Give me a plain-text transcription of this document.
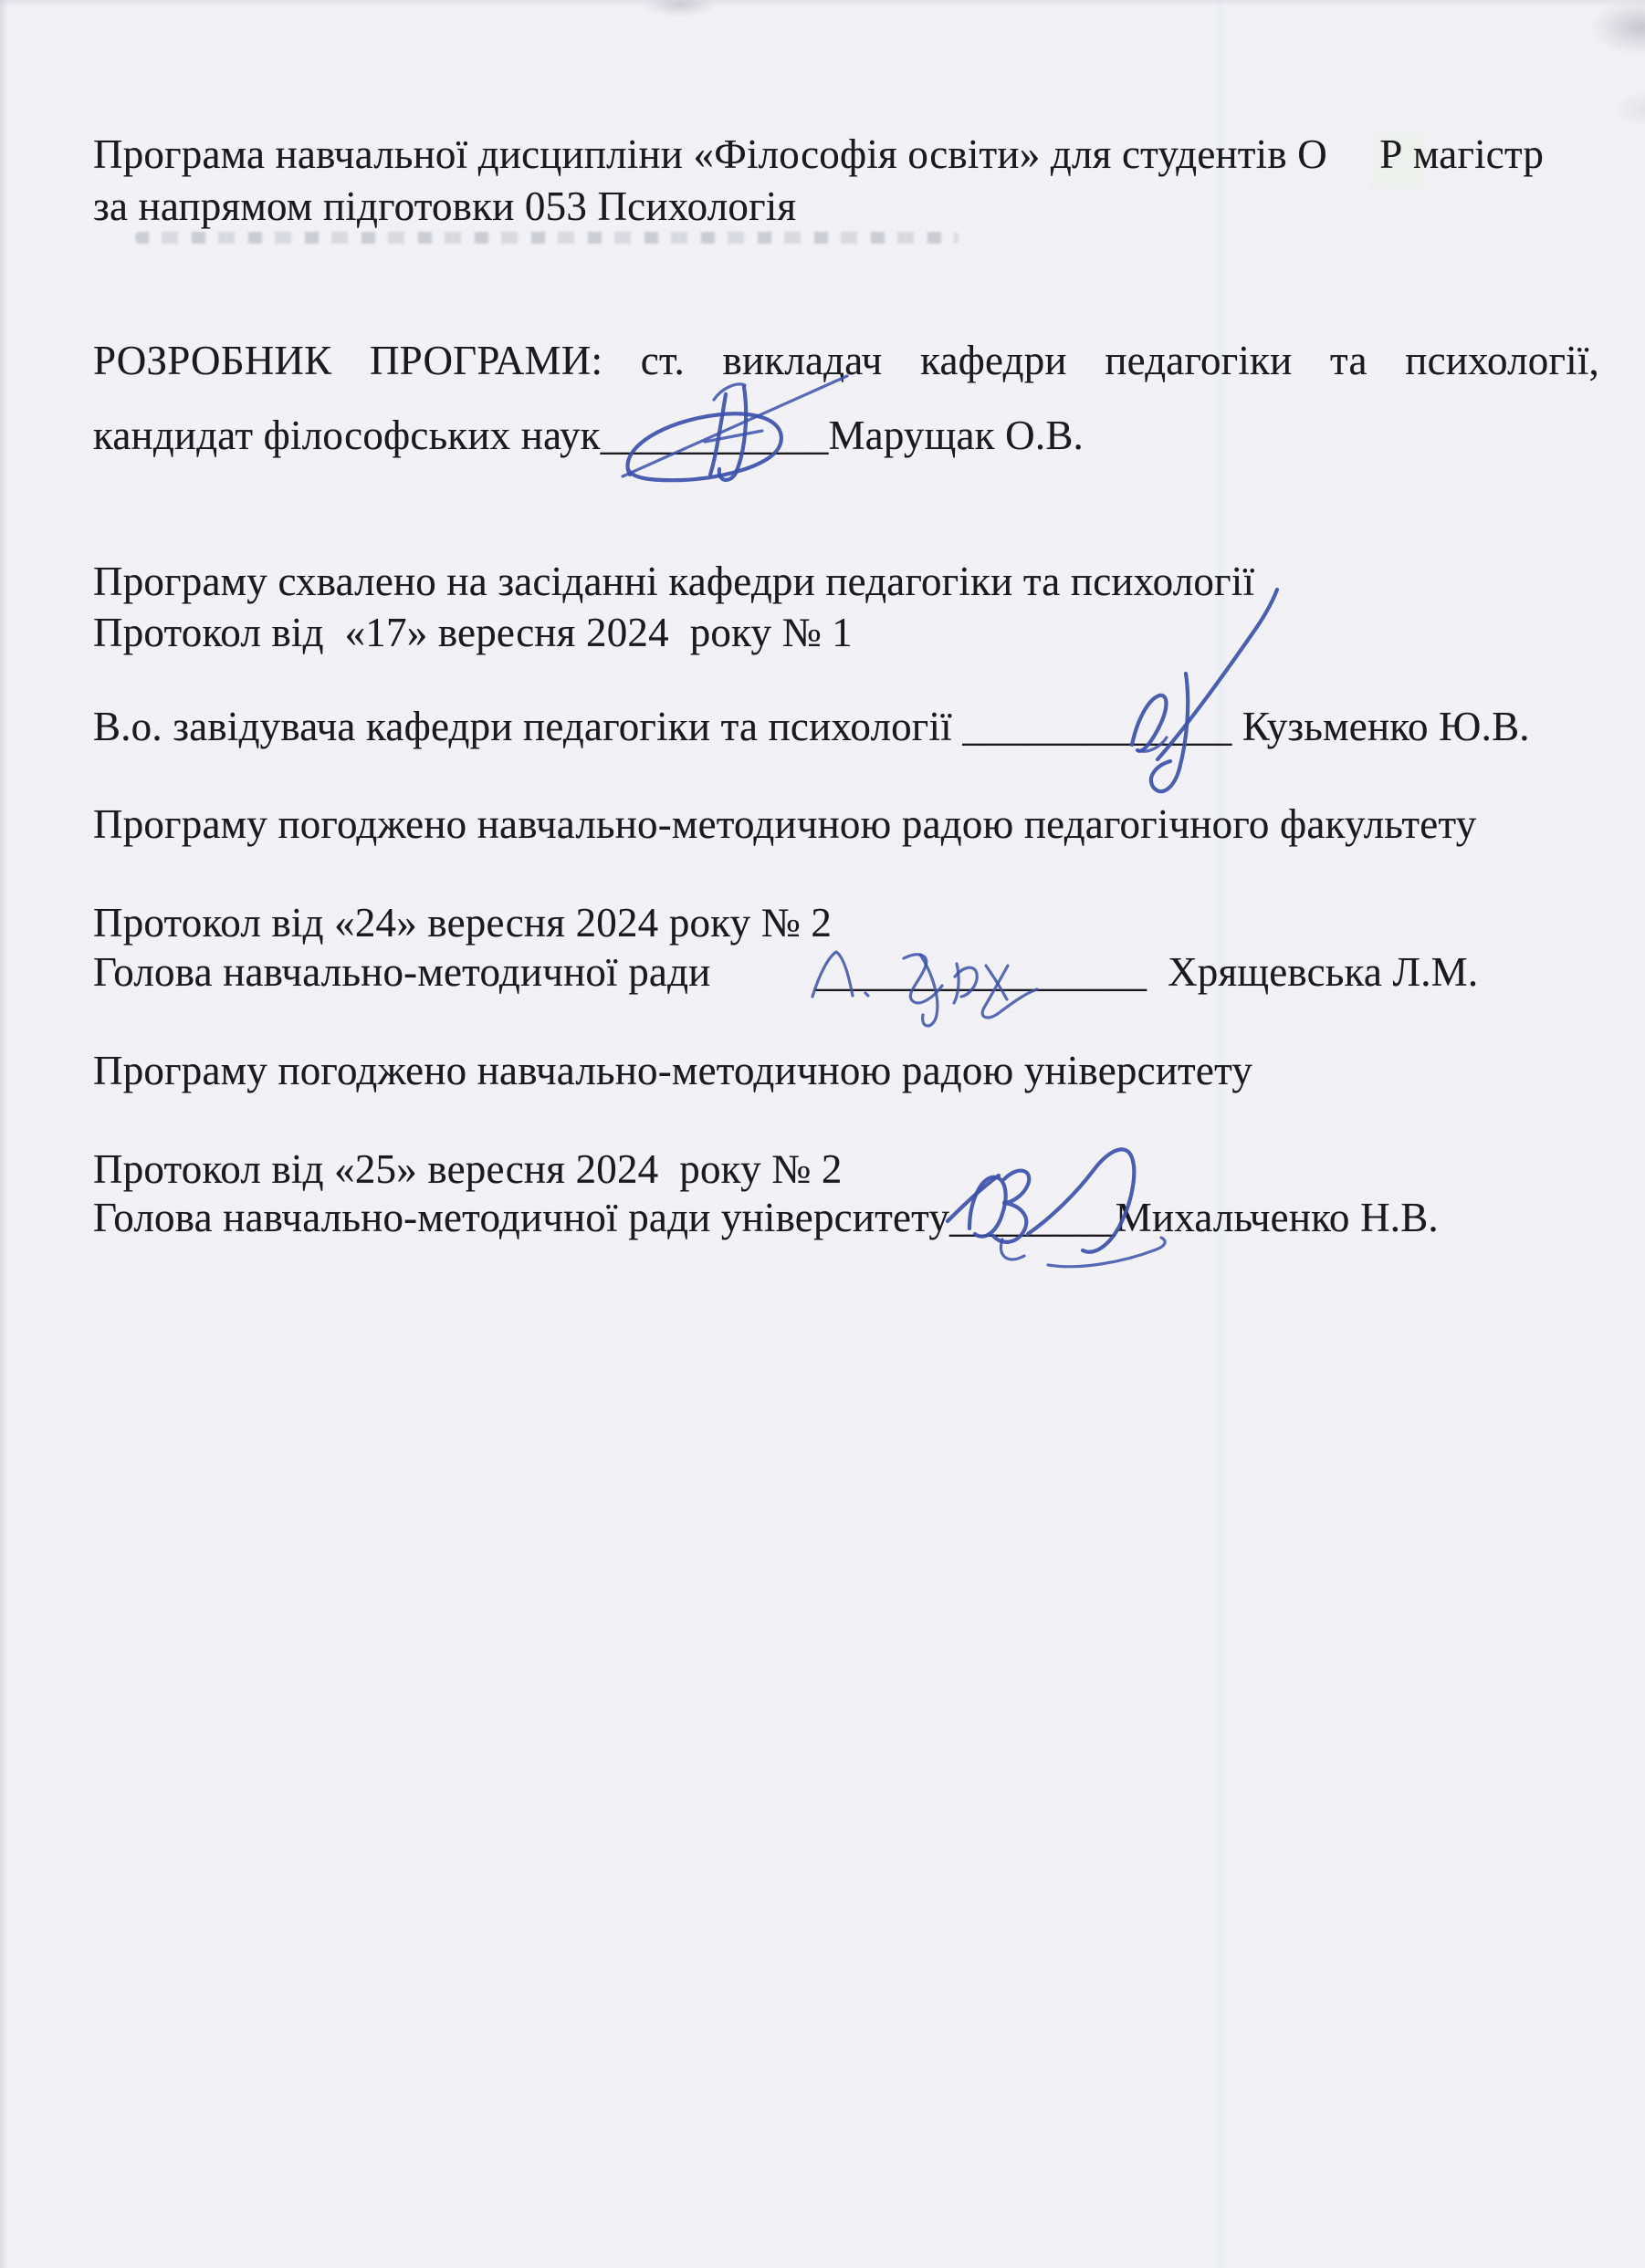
Програма навчальної дисципліни «Філософія освіти» для студентів О     Р магістр
за напрямом підготовки 053 Психологія
РОЗРОБНИК ПРОГРАМИ: ст. викладач кафедри педагогіки та психології,
кандидат філософських наук___________Марущак О.В.
Програму схвалено на засіданні кафедри педагогіки та психології
Протокол від  «17» вересня 2024  року № 1
В.о. завідувача кафедри педагогіки та психології _____________ Кузьменко Ю.В.
Програму погоджено навчально-методичною радою педагогічного факультету
Протокол від «24» вересня 2024 року № 2
Голова навчально-методичної ради          ________________  Хрящевська Л.М.
Програму погоджено навчально-методичною радою університету
Протокол від «25» вересня 2024  року № 2
Голова навчально-методичної ради університету________Михальченко Н.В.
